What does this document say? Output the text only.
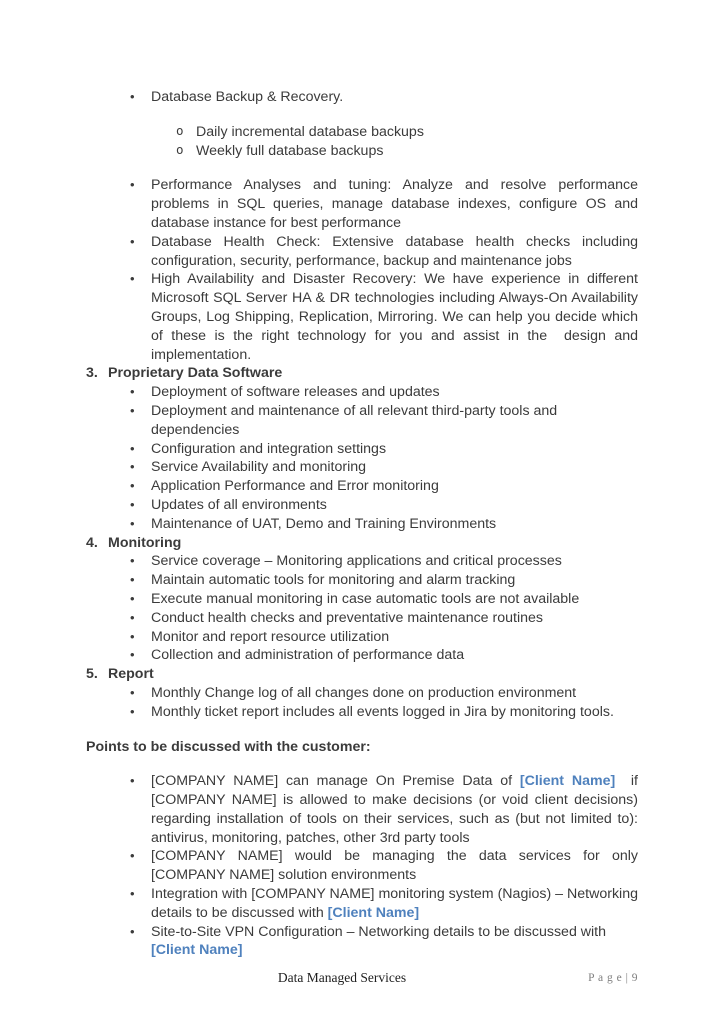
• Database Backup & Recovery.
o Daily incremental database backups
o Weekly full database backups
• Performance Analyses and tuning: Analyze and resolve performance problems in SQL queries, manage database indexes, configure OS and database instance for best performance
• Database Health Check: Extensive database health checks including configuration, security, performance, backup and maintenance jobs
• High Availability and Disaster Recovery: We have experience in different Microsoft SQL Server HA & DR technologies including Always-On Availability Groups, Log Shipping, Replication, Mirroring. We can help you decide which of these is the right technology for you and assist in the  design and implementation.
3. Proprietary Data Software
• Deployment of software releases and updates
• Deployment and maintenance of all relevant third-party tools and dependencies
• Configuration and integration settings
• Service Availability and monitoring
• Application Performance and Error monitoring
• Updates of all environments
• Maintenance of UAT, Demo and Training Environments
4. Monitoring
• Service coverage – Monitoring applications and critical processes
• Maintain automatic tools for monitoring and alarm tracking
• Execute manual monitoring in case automatic tools are not available
• Conduct health checks and preventative maintenance routines
• Monitor and report resource utilization
• Collection and administration of performance data
5. Report
• Monthly Change log of all changes done on production environment
• Monthly ticket report includes all events logged in Jira by monitoring tools.
Points to be discussed with the customer:
• [COMPANY NAME] can manage On Premise Data of [Client Name]  if [COMPANY NAME] is allowed to make decisions (or void client decisions) regarding installation of tools on their services, such as (but not limited to): antivirus, monitoring, patches, other 3rd party tools
• [COMPANY NAME] would be managing the data services for only [COMPANY NAME] solution environments
• Integration with [COMPANY NAME] monitoring system (Nagios) – Networking details to be discussed with [Client Name]
• Site-to-Site VPN Configuration – Networking details to be discussed with [Client Name]
Data Managed Services	P a g e | 9
